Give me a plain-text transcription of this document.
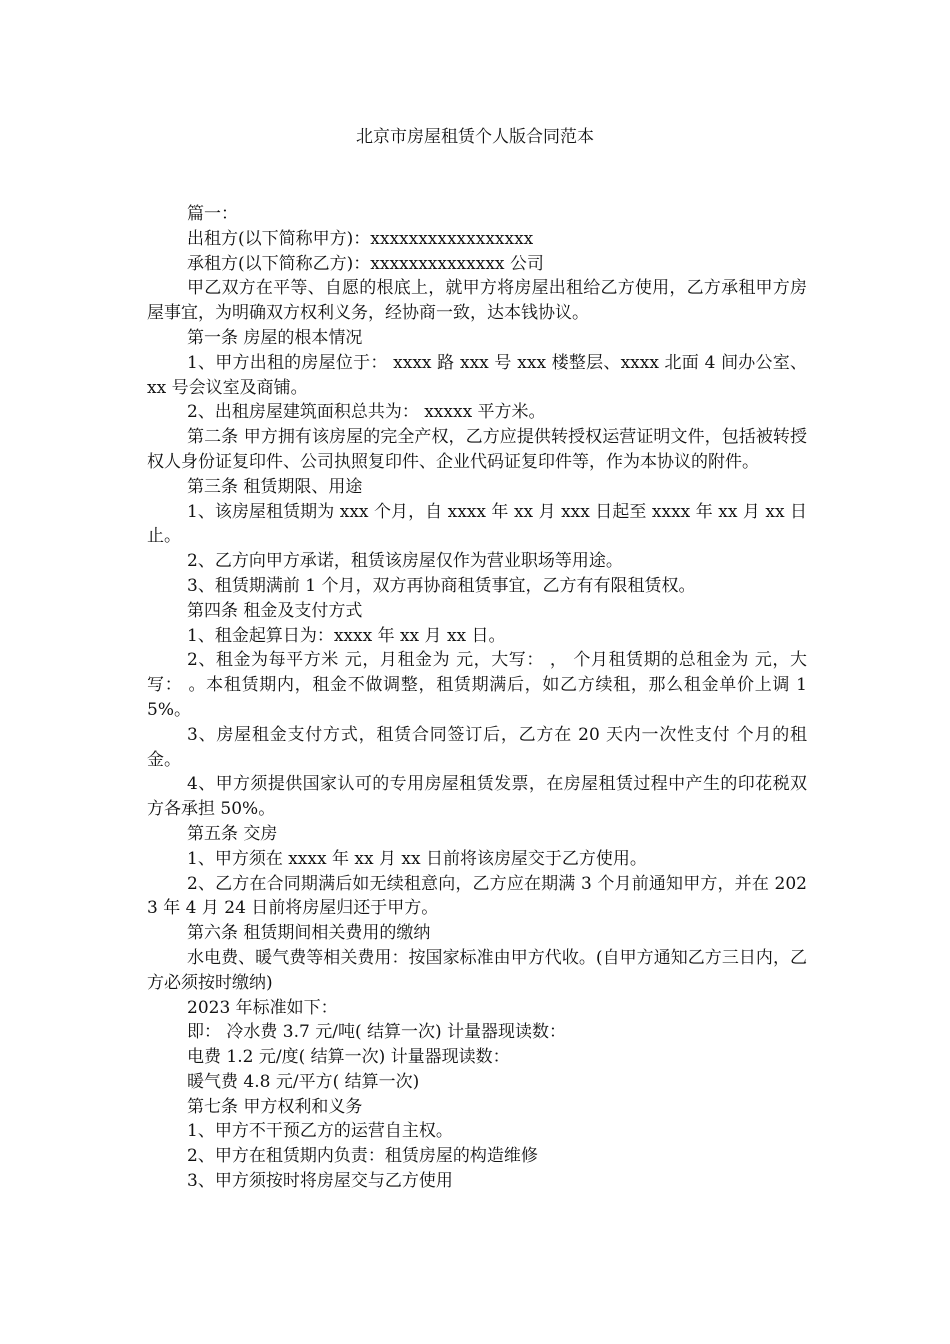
北京市房屋租赁个人版合同范本

篇一：

出租方(以下简称甲方)：xxxxxxxxxxxxxxxxx

承租方(以下简称乙方)：xxxxxxxxxxxxxx 公司

甲乙双方在平等、自愿的根底上，就甲方将房屋出租给乙方使用，乙方承租甲方房屋事宜，为明确双方权利义务，经协商一致，达本钱协议。

第一条 房屋的根本情况

1、甲方出租的房屋位于： xxxx 路 xxx 号 xxx 楼整层、xxxx 北面 4 间办公室、xx 号会议室及商铺。

2、出租房屋建筑面积总共为： xxxxx 平方米。

第二条 甲方拥有该房屋的完全产权，乙方应提供转授权运营证明文件，包括被转授权人身份证复印件、公司执照复印件、企业代码证复印件等，作为本协议的附件。

第三条 租赁期限、用途

1、该房屋租赁期为 xxx 个月，自 xxxx 年 xx 月 xxx 日起至 xxxx 年 xx 月 xx 日止。

2、乙方向甲方承诺，租赁该房屋仅作为营业职场等用途。

3、租赁期满前 1 个月，双方再协商租赁事宜，乙方有有限租赁权。

第四条 租金及支付方式

1、租金起算日为：xxxx 年 xx 月 xx 日。

2、租金为每平方米 元，月租金为 元，大写： ， 个月租赁期的总租金为 元，大写： 。本租赁期内，租金不做调整，租赁期满后，如乙方续租，那么租金单价上调 15%。

3、房屋租金支付方式，租赁合同签订后，乙方在 20 天内一次性支付 个月的租金。

4、甲方须提供国家认可的专用房屋租赁发票，在房屋租赁过程中产生的印花税双方各承担 50%。

第五条 交房

1、甲方须在 xxxx 年 xx 月 xx 日前将该房屋交于乙方使用。

2、乙方在合同期满后如无续租意向，乙方应在期满 3 个月前通知甲方，并在 2023 年 4 月 24 日前将房屋归还于甲方。

第六条 租赁期间相关费用的缴纳

水电费、暖气费等相关费用：按国家标准由甲方代收。(自甲方通知乙方三日内，乙方必须按时缴纳)

2023 年标准如下：

即： 冷水费 3.7 元/吨( 结算一次) 计量器现读数：

电费 1.2 元/度( 结算一次) 计量器现读数：

暖气费 4.8 元/平方( 结算一次)

第七条 甲方权利和义务

1、甲方不干预乙方的运营自主权。

2、甲方在租赁期内负责：租赁房屋的构造维修

3、甲方须按时将房屋交与乙方使用
